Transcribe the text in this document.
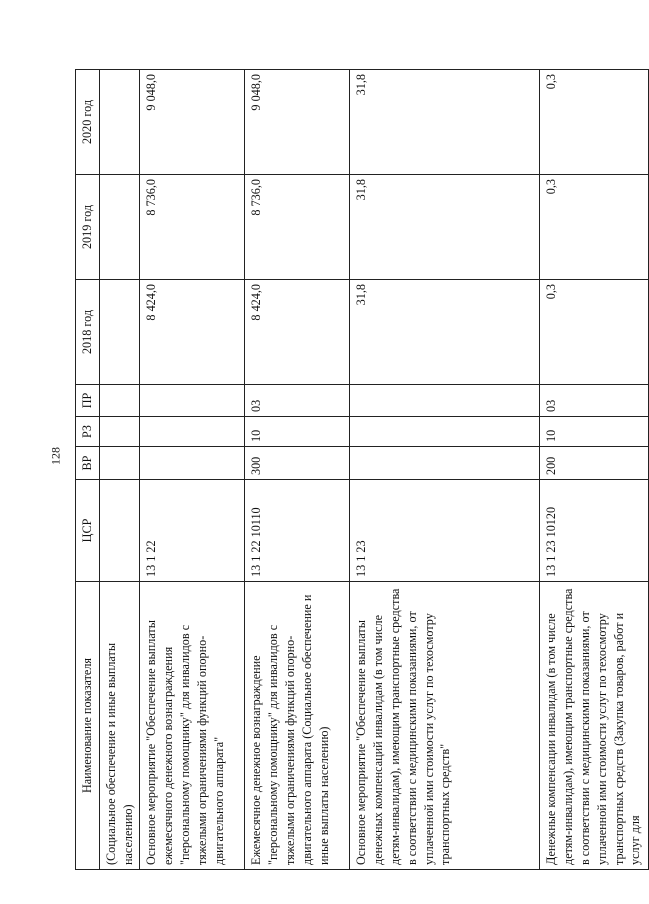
128
Наименование показателя	ЦСР	ВР	РЗ	ПР	2018 год	2019 год	2020 год
(Социальное обеспечение и иные выплаты населению)							
Основное мероприятие "Обеспечение выплаты ежемесячного денежного вознаграждения "персональному помощнику" для инвалидов с тяжелыми ограничениями функций опорно-двигательного аппарата"	13 1 22				8 424,0	8 736,0	9 048,0
Ежемесячное денежное вознаграждение "персональному помощнику" для инвалидов с тяжелыми ограничениями функций опорно-двигательного аппарата (Социальное обеспечение и иные выплаты населению)	13 1 22 10110	300	10	03	8 424,0	8 736,0	9 048,0
Основное мероприятие "Обеспечение выплаты денежных компенсаций инвалидам (в том числе детям-инвалидам), имеющим транспортные средства в соответствии с медицинскими показаниями, от уплаченной ими стоимости услуг по техосмотру транспортных средств"	13 1 23				31,8	31,8	31,8
Денежные компенсации инвалидам (в том числе детям-инвалидам), имеющим транспортные средства в соответствии с медицинскими показаниями, от уплаченной ими стоимости услуг по техосмотру транспортных средств (Закупка товаров, работ и услуг для	13 1 23 10120	200	10	03	0,3	0,3	0,3
